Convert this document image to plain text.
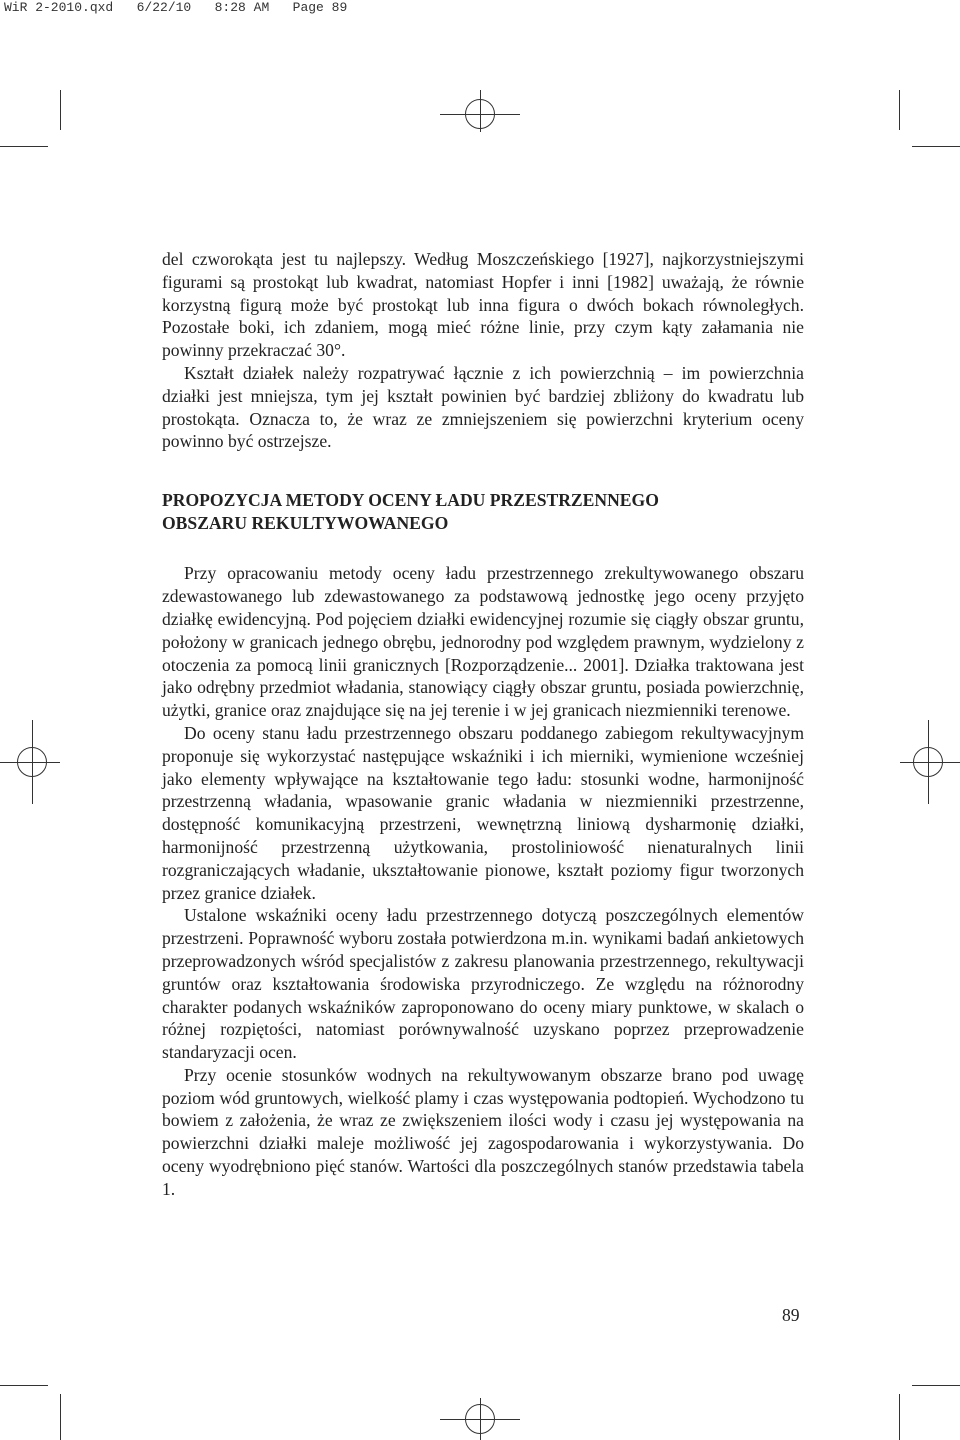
WiR 2-2010.qxd   6/22/10   8:28 AM   Page 89

del czworokąta jest tu najlepszy. Według Moszczeńskiego [1927], najkorzystniejszymi figurami są prostokąt lub kwadrat, natomiast Hopfer i inni [1982] uważają, że równie korzystną figurą może być prostokąt lub inna figura o dwóch bokach równoległych. Pozostałe boki, ich zdaniem, mogą mieć różne linie, przy czym kąty załamania nie powinny przekraczać 30°.

Kształt działek należy rozpatrywać łącznie z ich powierzchnią – im powierzchnia działki jest mniejsza, tym jej kształt powinien być bardziej zbliżony do kwadratu lub prostokąta. Oznacza to, że wraz ze zmniejszeniem się powierzchni kryterium oceny powinno być ostrzejsze.

PROPOZYCJA METODY OCENY ŁADU PRZESTRZENNEGO
OBSZARU REKULTYWOWANEGO

Przy opracowaniu metody oceny ładu przestrzennego zrekultywowanego obszaru zdewastowanego lub zdewastowanego za podstawową jednostkę jego oceny przyjęto działkę ewidencyjną. Pod pojęciem działki ewidencyjnej rozumie się ciągły obszar gruntu, położony w granicach jednego obrębu, jednorodny pod względem prawnym, wydzielony z otoczenia za pomocą linii granicznych [Rozporządzenie... 2001]. Działka traktowana jest jako odrębny przedmiot władania, stanowiący ciągły obszar gruntu, posiada powierzchnię, użytki, granice oraz znajdujące się na jej terenie i w jej granicach niezmienniki terenowe.

Do oceny stanu ładu przestrzennego obszaru poddanego zabiegom rekultywacyjnym proponuje się wykorzystać następujące wskaźniki i ich mierniki, wymienione wcześniej jako elementy wpływające na kształtowanie tego ładu: stosunki wodne, harmonijność przestrzenną władania, wpasowanie granic władania w niezmienniki przestrzenne, dostępność komunikacyjną przestrzeni, wewnętrzną liniową dysharmonię działki, harmonijność przestrzenną użytkowania, prostoliniowość nienaturalnych linii rozgraniczających władanie, ukształtowanie pionowe, kształt poziomy figur tworzonych przez granice działek.

Ustalone wskaźniki oceny ładu przestrzennego dotyczą poszczególnych elementów przestrzeni. Poprawność wyboru została potwierdzona m.in. wynikami badań ankietowych przeprowadzonych wśród specjalistów z zakresu planowania przestrzennego, rekultywacji gruntów oraz kształtowania środowiska przyrodniczego. Ze względu na różnorodny charakter podanych wskaźników zaproponowano do oceny miary punktowe, w skalach o różnej rozpiętości, natomiast porównywalność uzyskano poprzez przeprowadzenie standaryzacji ocen.

Przy ocenie stosunków wodnych na rekultywowanym obszarze brano pod uwagę poziom wód gruntowych, wielkość plamy i czas występowania podtopień. Wychodzono tu bowiem z założenia, że wraz ze zwiększeniem ilości wody i czasu jej występowania na powierzchni działki maleje możliwość jej zagospodarowania i wykorzystywania. Do oceny wyodrębniono pięć stanów. Wartości dla poszczególnych stanów przedstawia tabela 1.

89
